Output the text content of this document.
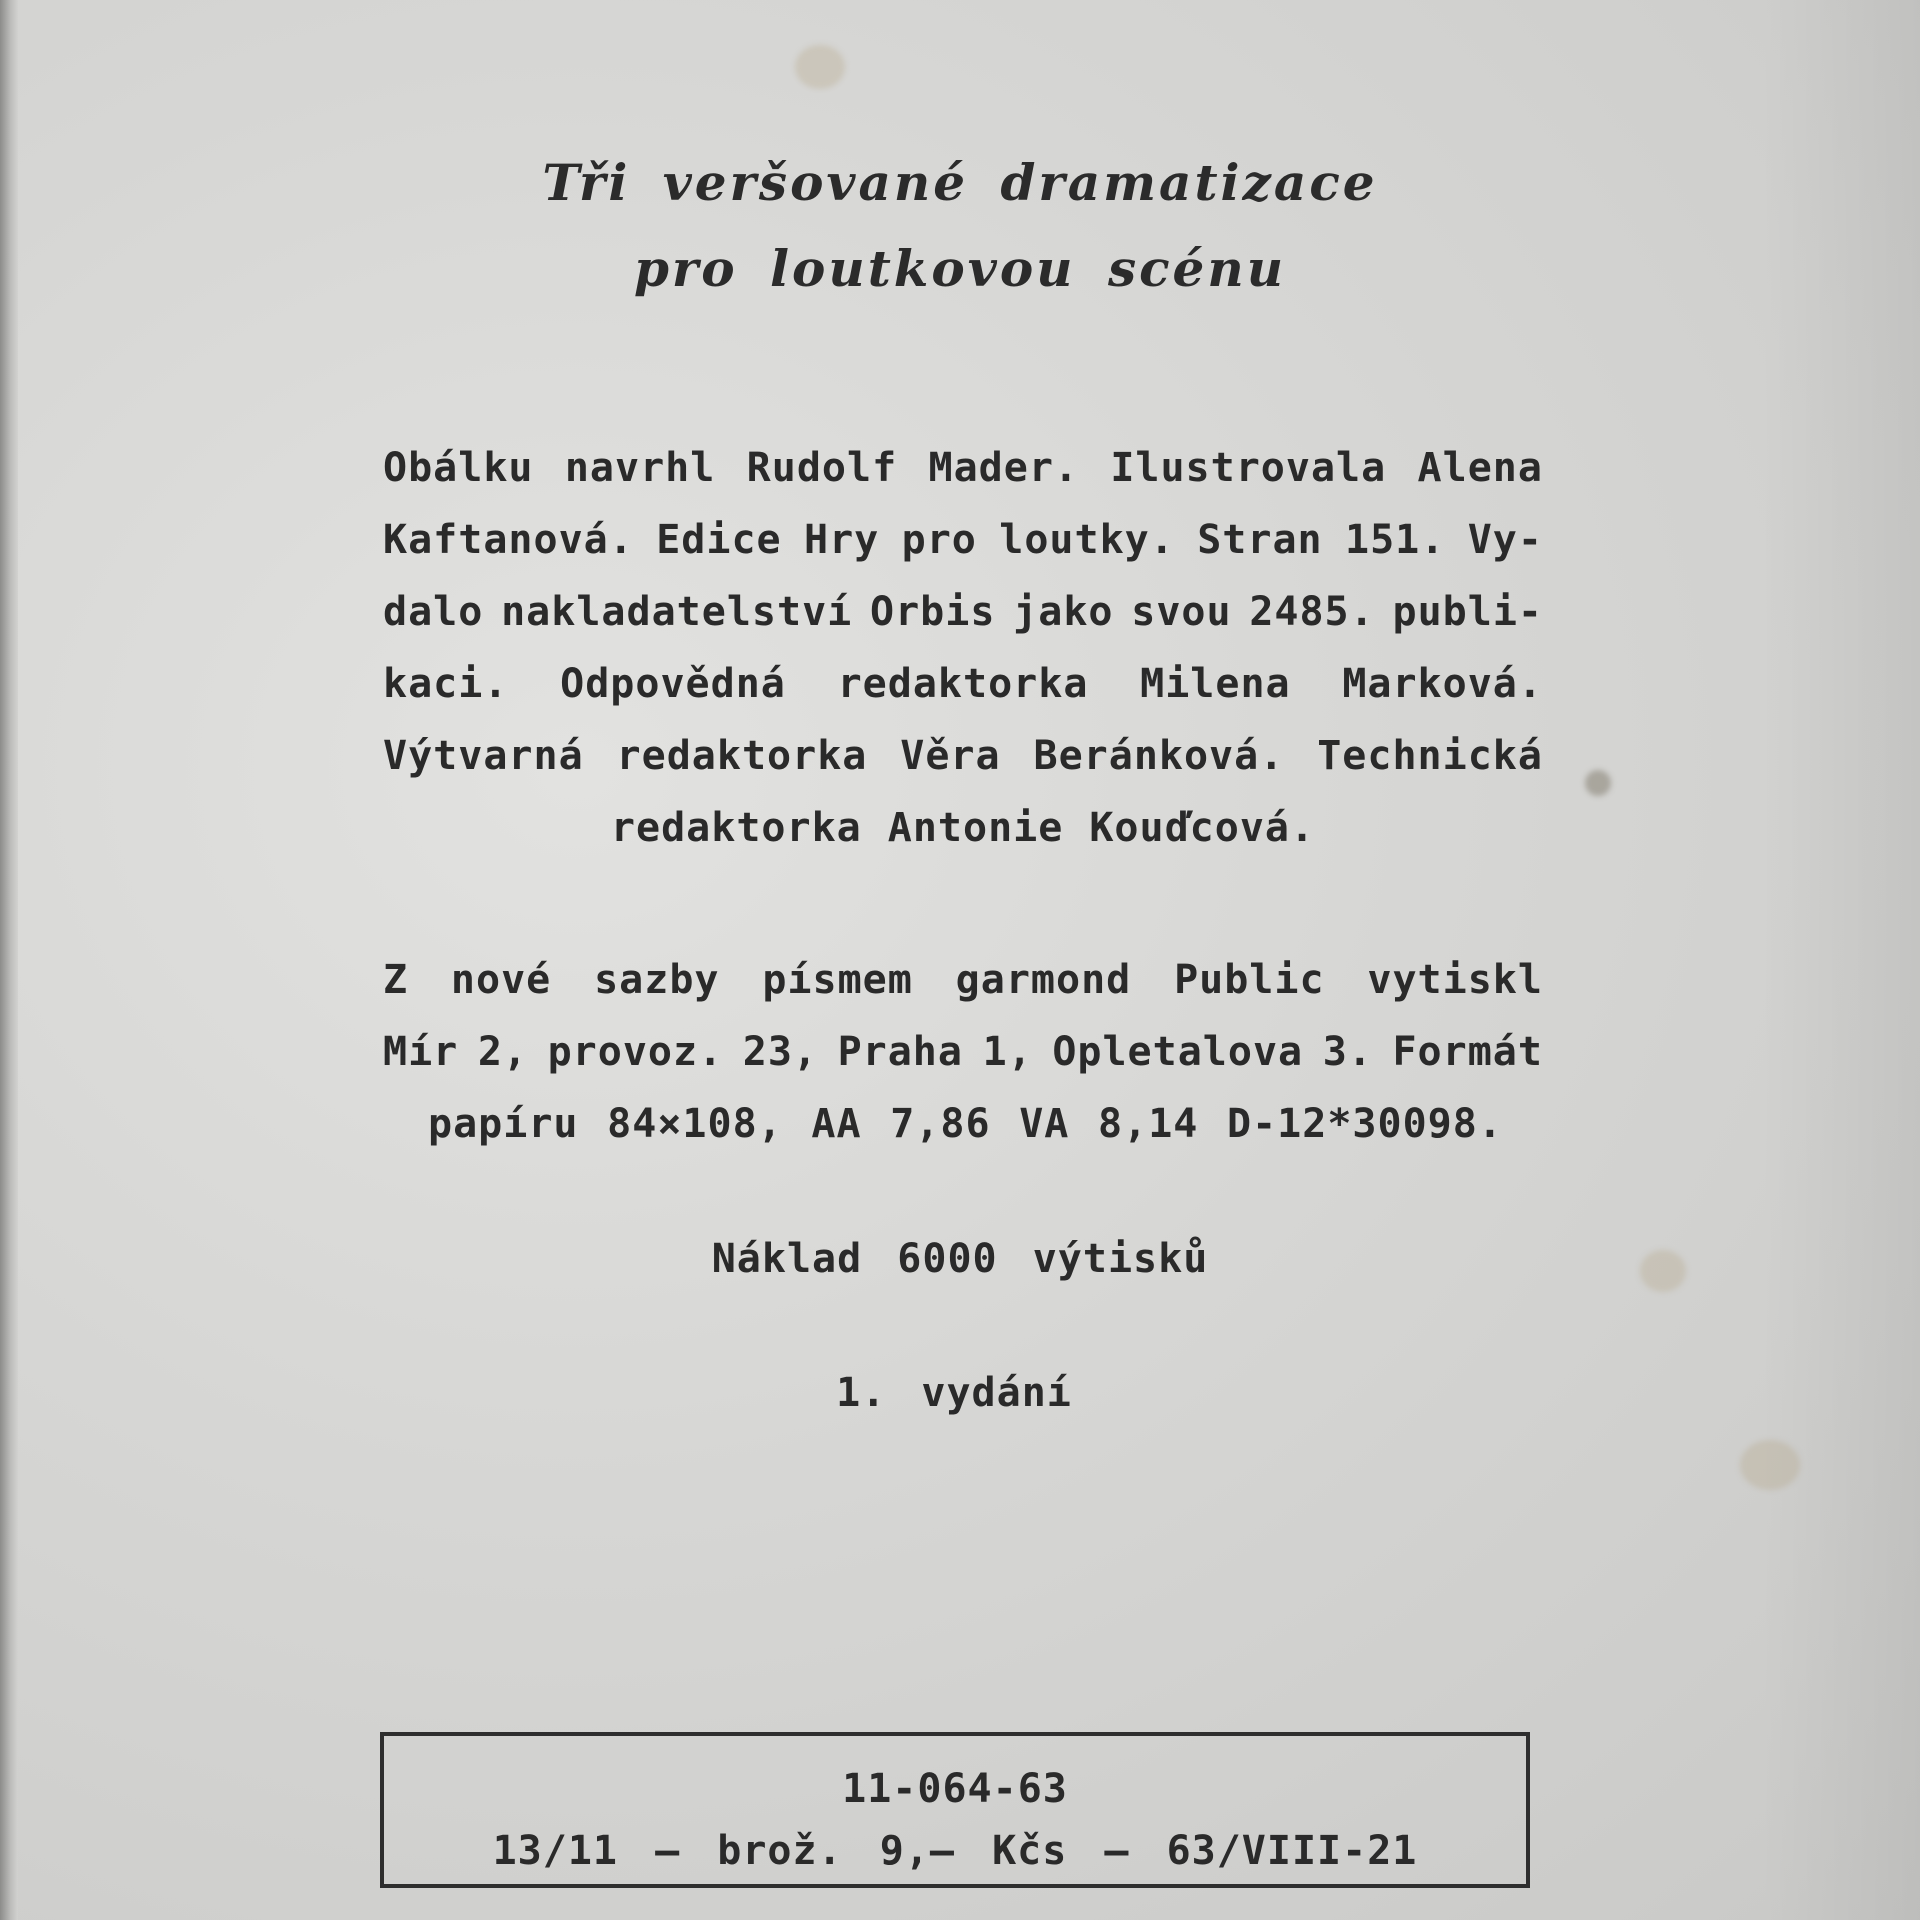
Tři veršované dramatizace
pro loutkovou scénu
Obálku navrhl Rudolf Mader. Ilustrovala Alena
Kaftanová. Edice Hry pro loutky. Stran 151. Vy-
dalo nakladatelství Orbis jako svou 2485. publi-
kaci. Odpovědná redaktorka Milena Marková.
Výtvarná redaktorka Věra Beránková. Technická
redaktorka Antonie Kouďcová.
Z nové sazby písmem garmond Public vytiskl
Mír 2, provoz. 23, Praha 1, Opletalova 3. Formát
papíru 84×108, AA 7,86 VA 8,14 D-12*30098.
Náklad 6000 výtisků
1. vydání
11-064-63
13/11 — brož. 9,— Kčs — 63/VIII-21
